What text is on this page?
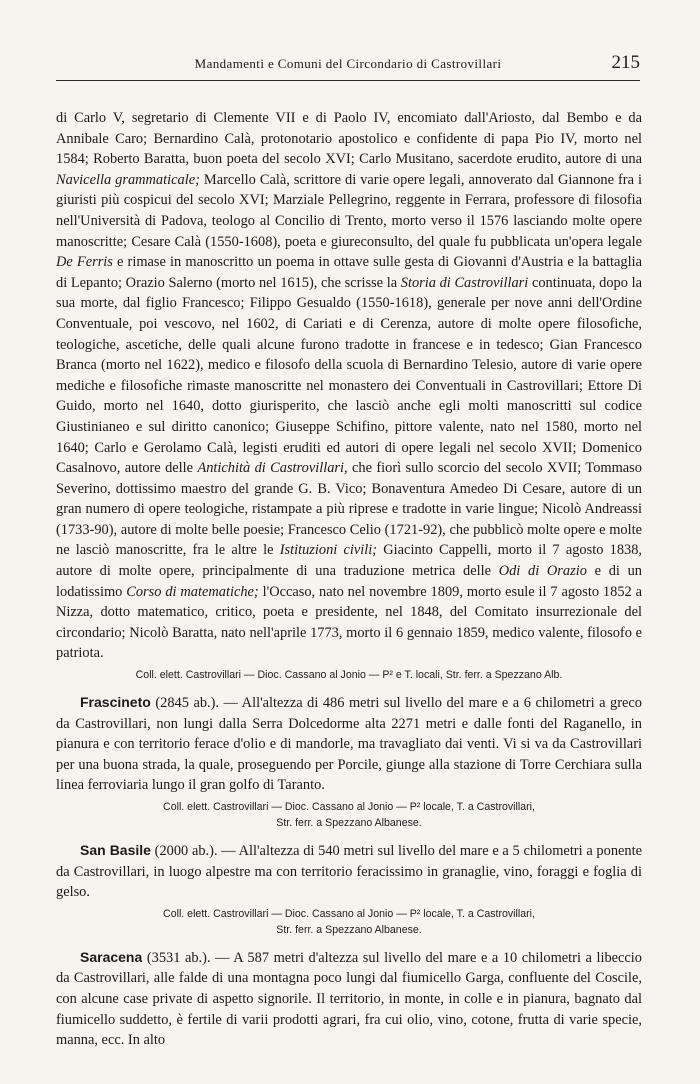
Mandamenti e Comuni del Circondario di Castrovillari	215

di Carlo V, segretario di Clemente VII e di Paolo IV, encomiato dall'Ariosto, dal Bembo e da Annibale Caro; Bernardino Calà, protonotario apostolico e confidente di papa Pio IV, morto nel 1584; Roberto Baratta, buon poeta del secolo XVI; Carlo Musitano, sacerdote erudito, autore di una Navicella grammaticale; Marcello Calà, scrittore di varie opere legali, annoverato dal Giannone fra i giuristi più cospicui del secolo XVI; Marziale Pellegrino, reggente in Ferrara, professore di filosofia nell'Università di Padova, teologo al Concilio di Trento, morto verso il 1576 lasciando molte opere manoscritte; Cesare Calà (1550-1608), poeta e giureconsulto, del quale fu pubblicata un'opera legale De Ferris e rimase in manoscritto un poema in ottave sulle gesta di Giovanni d'Austria e la battaglia di Lepanto; Orazio Salerno (morto nel 1615), che scrisse la Storia di Castrovillari continuata, dopo la sua morte, dal figlio Francesco; Filippo Gesualdo (1550-1618), generale per nove anni dell'Ordine Conventuale, poi vescovo, nel 1602, di Cariati e di Cerenza, autore di molte opere filosofiche, teologiche, ascetiche, delle quali alcune furono tradotte in francese e in tedesco; Gian Francesco Branca (morto nel 1622), medico e filosofo della scuola di Bernardino Telesio, autore di varie opere mediche e filosofiche rimaste manoscritte nel monastero dei Conventuali in Castrovillari; Ettore Di Guido, morto nel 1640, dotto giurisperito, che lasciò anche egli molti manoscritti sul codice Giustinianeo e sul diritto canonico; Giuseppe Schifino, pittore valente, nato nel 1580, morto nel 1640; Carlo e Gerolamo Calà, legisti eruditi ed autori di opere legali nel secolo XVII; Domenico Casalnovo, autore delle Antichità di Castrovillari, che fiorì sullo scorcio del secolo XVII; Tommaso Severino, dottissimo maestro del grande G. B. Vico; Bonaventura Amedeo Di Cesare, autore di un gran numero di opere teologiche, ristampate a più riprese e tradotte in varie lingue; Nicolò Andreassi (1733-90), autore di molte belle poesie; Francesco Celio (1721-92), che pubblicò molte opere e molte ne lasciò manoscritte, fra le altre le Istituzioni civili; Giacinto Cappelli, morto il 7 agosto 1838, autore di molte opere, principalmente di una traduzione metrica delle Odi di Orazio e di un lodatissimo Corso di matematiche; l'Occaso, nato nel novembre 1809, morto esule il 7 agosto 1852 a Nizza, dotto matematico, critico, poeta e presidente, nel 1848, del Comitato insurrezionale del circondario; Nicolò Baratta, nato nell'aprile 1773, morto il 6 gennaio 1859, medico valente, filosofo e patriota.

Coll. elett. Castrovillari — Dioc. Cassano al Jonio — P² e T. locali, Str. ferr. a Spezzano Alb.

Frascineto (2845 ab.). — All'altezza di 486 metri sul livello del mare e a 6 chilometri a greco da Castrovillari, non lungi dalla Serra Dolcedorme alta 2271 metri e dalle fonti del Raganello, in pianura e con territorio ferace d'olio e di mandorle, ma travagliato dai venti. Vi si va da Castrovillari per una buona strada, la quale, proseguendo per Porcile, giunge alla stazione di Torre Cerchiara sulla linea ferroviaria lungo il gran golfo di Taranto.

Coll. elett. Castrovillari — Dioc. Cassano al Jonio — P² locale, T. a Castrovillari,
Str. ferr. a Spezzano Albanese.

San Basile (2000 ab.). — All'altezza di 540 metri sul livello del mare e a 5 chilometri a ponente da Castrovillari, in luogo alpestre ma con territorio feracissimo in granaglie, vino, foraggi e foglia di gelso.

Coll. elett. Castrovillari — Dioc. Cassano al Jonio — P² locale, T. a Castrovillari,
Str. ferr. a Spezzano Albanese.

Saracena (3531 ab.). — A 587 metri d'altezza sul livello del mare e a 10 chilometri a libeccio da Castrovillari, alle falde di una montagna poco lungi dal fiumicello Garga, confluente del Coscile, con alcune case private di aspetto signorile. Il territorio, in monte, in colle e in pianura, bagnato dal fiumicello suddetto, è fertile di varii prodotti agrari, fra cui olio, vino, cotone, frutta di varie specie, manna, ecc. In alto
